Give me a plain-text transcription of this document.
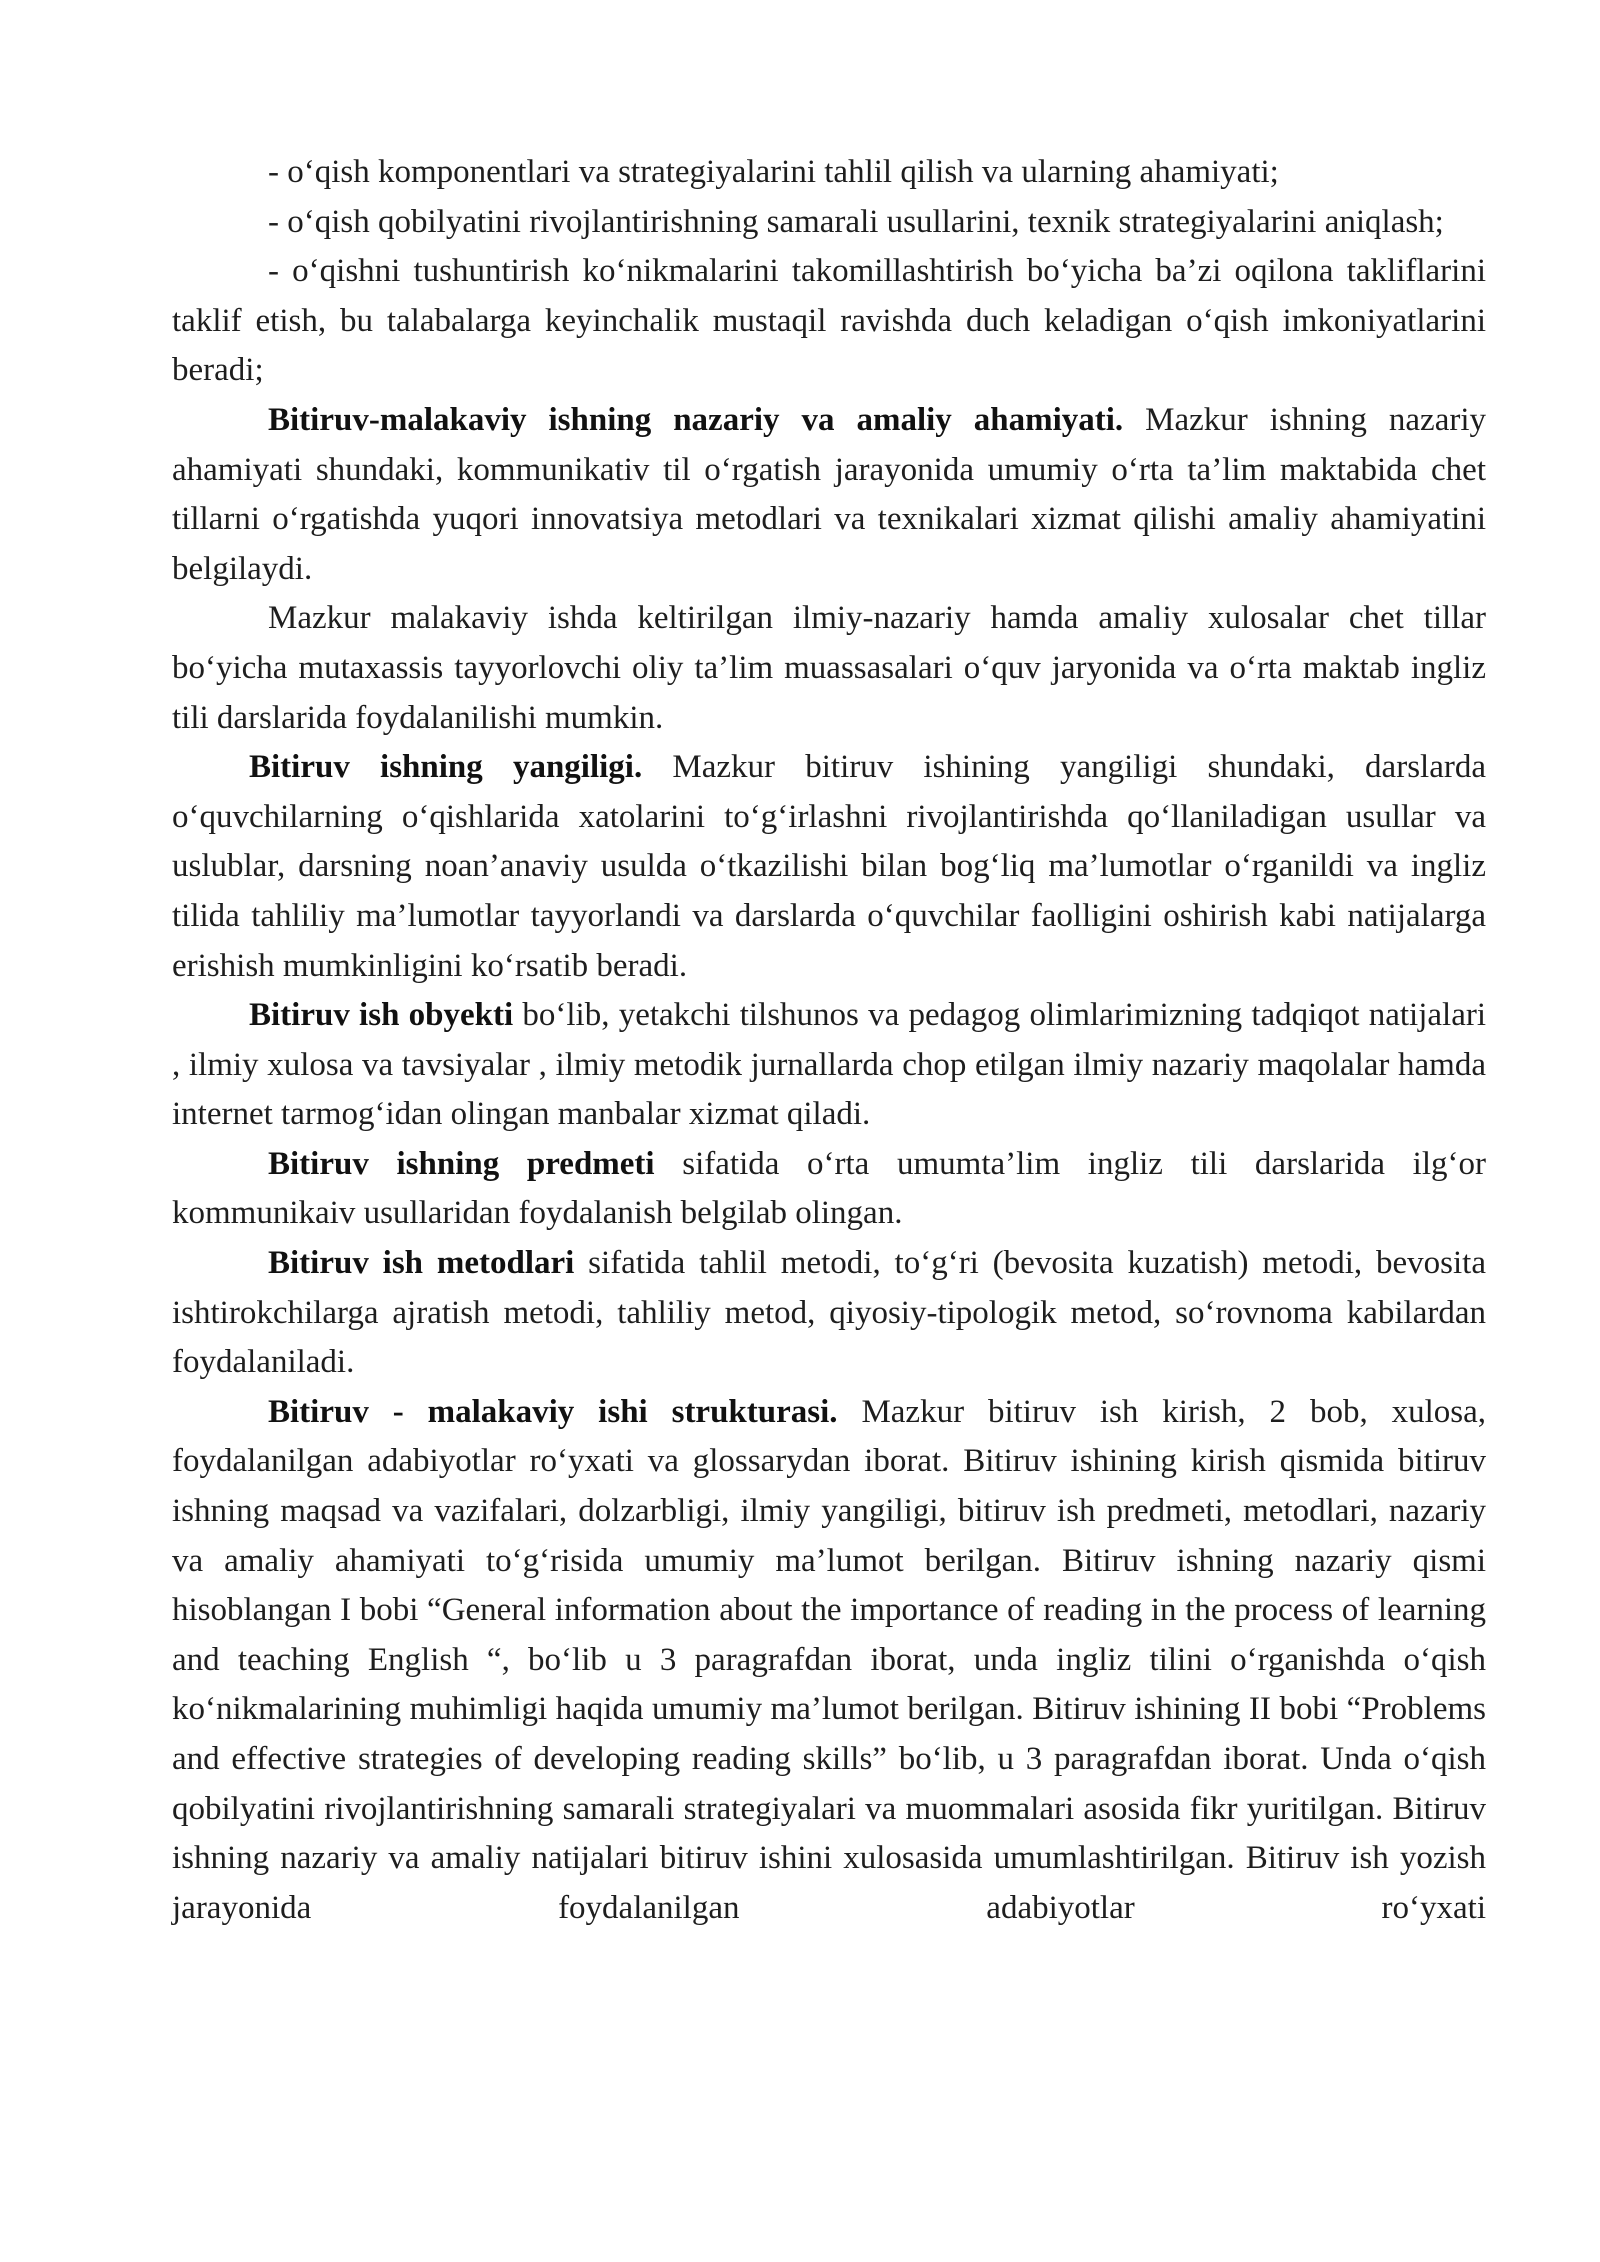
- o‘qish komponentlari va strategiyalarini tahlil qilish va ularning ahamiyati;

- o‘qish qobilyatini rivojlantirishning samarali usullarini, texnik strategiyalarini aniqlash;

- o‘qishni tushuntirish ko‘nikmalarini takomillashtirish bo‘yicha ba’zi oqilona takliflarini taklif etish, bu talabalarga keyinchalik mustaqil ravishda duch keladigan o‘qish imkoniyatlarini beradi;

Bitiruv-malakaviy ishning nazariy va amaliy ahamiyati. Mazkur ishning nazariy ahamiyati shundaki, kommunikativ til o‘rgatish jarayonida umumiy o‘rta ta’lim maktabida chet tillarni o‘rgatishda yuqori innovatsiya metodlari va texnikalari xizmat qilishi amaliy ahamiyatini belgilaydi.

Mazkur malakaviy ishda keltirilgan ilmiy-nazariy hamda amaliy xulosalar chet tillar bo‘yicha mutaxassis tayyorlovchi oliy ta’lim muassasalari o‘quv jaryonida va o‘rta maktab ingliz tili darslarida foydalanilishi mumkin.

Bitiruv ishning yangiligi. Mazkur bitiruv ishining yangiligi shundaki, darslarda o‘quvchilarning o‘qishlarida xatolarini to‘g‘irlashni rivojlantirishda qo‘llaniladigan usullar va uslublar, darsning noan’anaviy usulda o‘tkazilishi bilan bog‘liq ma’lumotlar o‘rganildi va ingliz tilida tahliliy ma’lumotlar tayyorlandi va darslarda o‘quvchilar faolligini oshirish kabi natijalarga erishish mumkinligini ko‘rsatib beradi.

Bitiruv ish obyekti bo‘lib, yetakchi tilshunos va pedagog olimlarimizning tadqiqot natijalari , ilmiy xulosa va tavsiyalar , ilmiy metodik jurnallarda chop etilgan ilmiy nazariy maqolalar hamda internet tarmog‘idan olingan manbalar xizmat qiladi.

Bitiruv ishning predmeti sifatida o‘rta umumta’lim ingliz tili darslarida ilg‘or kommunikaiv usullaridan foydalanish belgilab olingan.

Bitiruv ish metodlari sifatida tahlil metodi, to‘g‘ri (bevosita kuzatish) metodi, bevosita ishtirokchilarga ajratish metodi, tahliliy metod, qiyosiy-tipologik metod, so‘rovnoma kabilardan foydalaniladi.

Bitiruv - malakaviy ishi strukturasi. Mazkur bitiruv ish kirish, 2 bob, xulosa, foydalanilgan adabiyotlar ro‘yxati va glossarydan iborat. Bitiruv ishining kirish qismida bitiruv ishning maqsad va vazifalari, dolzarbligi, ilmiy yangiligi, bitiruv ish predmeti, metodlari, nazariy va amaliy ahamiyati to‘g‘risida umumiy ma’lumot berilgan. Bitiruv ishning nazariy qismi hisoblangan I bobi “General information about the importance of reading in the process of learning and teaching English “, bo‘lib u 3 paragrafdan iborat, unda ingliz tilini o‘rganishda o‘qish ko‘nikmalarining muhimligi haqida umumiy ma’lumot berilgan. Bitiruv ishining II bobi “Problems and effective strategies of developing reading skills” bo‘lib, u 3 paragrafdan iborat. Unda o‘qish qobilyatini rivojlantirishning samarali strategiyalari va muommalari asosida fikr yuritilgan. Bitiruv ishning nazariy va amaliy natijalari bitiruv ishini xulosasida umumlashtirilgan. Bitiruv ish yozish jarayonida foydalanilgan adabiyotlar ro‘yxati
